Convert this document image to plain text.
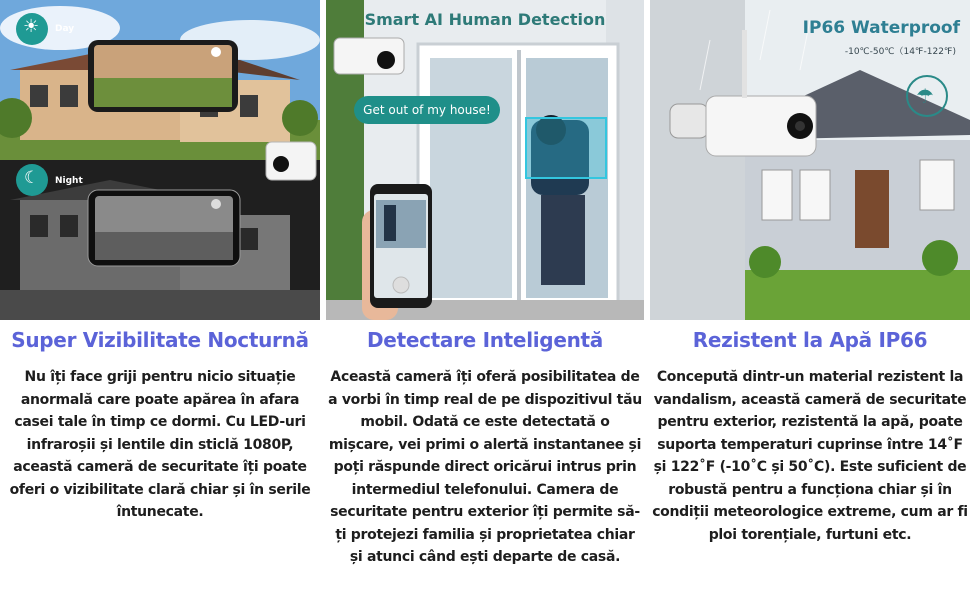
☀ Day
☾ Night
Super Vizibilitate Nocturnă
Nu îți face griji pentru nicio situație anormală care poate apărea în afara casei tale în timp ce dormi. Cu LED-uri infraroșii și lentile din sticlă 1080P, această cameră de securitate îți poate oferi o vizibilitate clară chiar și în serile întunecate.
Smart AI Human Detection
Get out of my house!
Detectare Inteligentă
Această cameră îți oferă posibilitatea de a vorbi în timp real de pe dispozitivul tău mobil. Odată ce este detectată o mișcare, vei primi o alertă instantanee și poți răspunde direct oricărui intrus prin intermediul telefonului. Camera de securitate pentru exterior îți permite să-ți protejezi familia și proprietatea chiar și atunci când ești departe de casă.
☂
IP66 Waterproof
-10℃-50℃（14℉-122℉)
Rezistent la Apă IP66
Concepută dintr-un material rezistent la vandalism, această cameră de securitate pentru exterior, rezistentă la apă, poate suporta temperaturi cuprinse între 14˚F și 122˚F (-10˚C și 50˚C). Este suficient de robustă pentru a funcționa chiar și în condiții meteorologice extreme, cum ar fi ploi torențiale, furtuni etc.
